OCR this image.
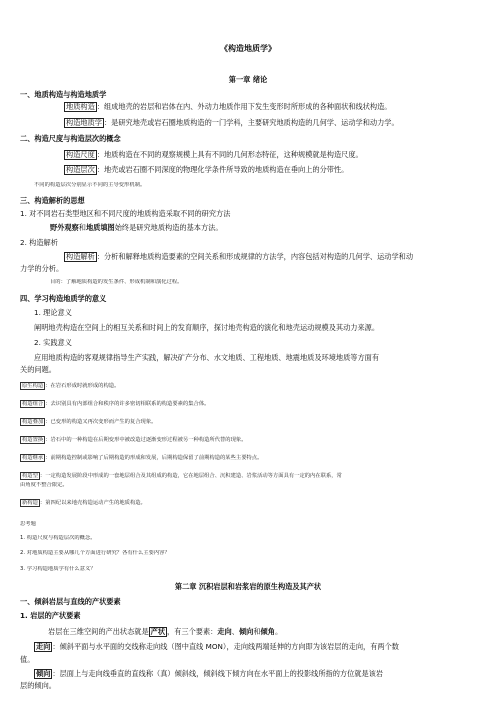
《构造地质学》
第一章 绪论
一、地质构造与构造地质学
地质构造 ：组成地壳的岩层和岩体在内、外动力地质作用下发生变形时所形成的各种面状和线状构造。
构造地质学 ：是研究地壳或岩石圈地质构造的一门学科，主要研究地质构造的几何学、运动学和动力学。
二、构造尺度与构造层次的概念
构造尺度 ：地质构造在不同的观察规模上具有不同的几何形态特征，这种规模就是构造尺度。
构造层次 ：地壳或岩石圈不同深度的物理化学条件所导致的地质构造在垂向上的分带性。
不同的构造层次分别显示不同的主导变形机制。
三、构造解析的思想
1. 对不同岩石类型地区和不同尺度的地质构造采取不同的研究方法
野外观察和地质填图始终是研究地质构造的基本方法。
2. 构造解析
构造解析 ：分析和解释地质构造要素的空间关系和形成规律的方法学，内容包括对构造的几何学、运动学和动
力学的分析。
目的：了解地质构造的发生条件、形成机制和演化过程。
四、学习构造地质学的意义
1. 理论意义
阐明地壳构造在空间上的相互关系和时间上的发育顺序，探讨地壳构造的演化和地壳运动规模及其动力来源。
2. 实践意义
应用地质构造的客观规律指导生产实践，解决矿产分布、水文地质、工程地质、地震地质及环境地质等方面有
关的问题。
原生构造 ：在岩石形成时就形成的构造。
构造组合 ：去识别具有内部组合和秩序的许多密切相联系的构造要素的集合体。
构造叠加 ：已变形的构造又再次变形而产生的复合现象。
构造置换 ：岩石中的一种构造在后期变形中被改造过逐渐变形过程被另一种构造所代替的现象。
构造继承 ：前期构造控制或影响了后期构造的形成和发展，后期构造保留了前期构造的某些主要特点。
构造型 ：一定构造发展阶段中形成的一套地层组合及其组成的构造，它在地层组合、沉积建造、岩浆活动等方面具有一定的内在联系，常
由角度不整合限定。
新构造 ：第四纪以来地壳构造运动产生的地质构造。
思考题
1. 构造尺度与构造层次的概念。
2. 对地质构造主要从哪几个方面进行研究？各有什么主要内容？
3. 学习构造地质学有什么意义？
第二章 沉积岩层和岩浆岩的原生构造及其产状
一、倾斜岩层与直线的产状要素
1. 岩层的产状要素
岩层在三维空间的产出状态就是 产状 ，有三个要素：走向、倾向和倾角。
走向 ：倾斜平面与水平面的交线称走向线（图中直线 MON），走向线两端延伸的方向即为该岩层的走向，有两个数
值。
倾向 ：层面上与走向线垂直的直线称（真）倾斜线，倾斜线下倾方向在水平面上的投影线所指的方位就是该岩
层的倾向。
